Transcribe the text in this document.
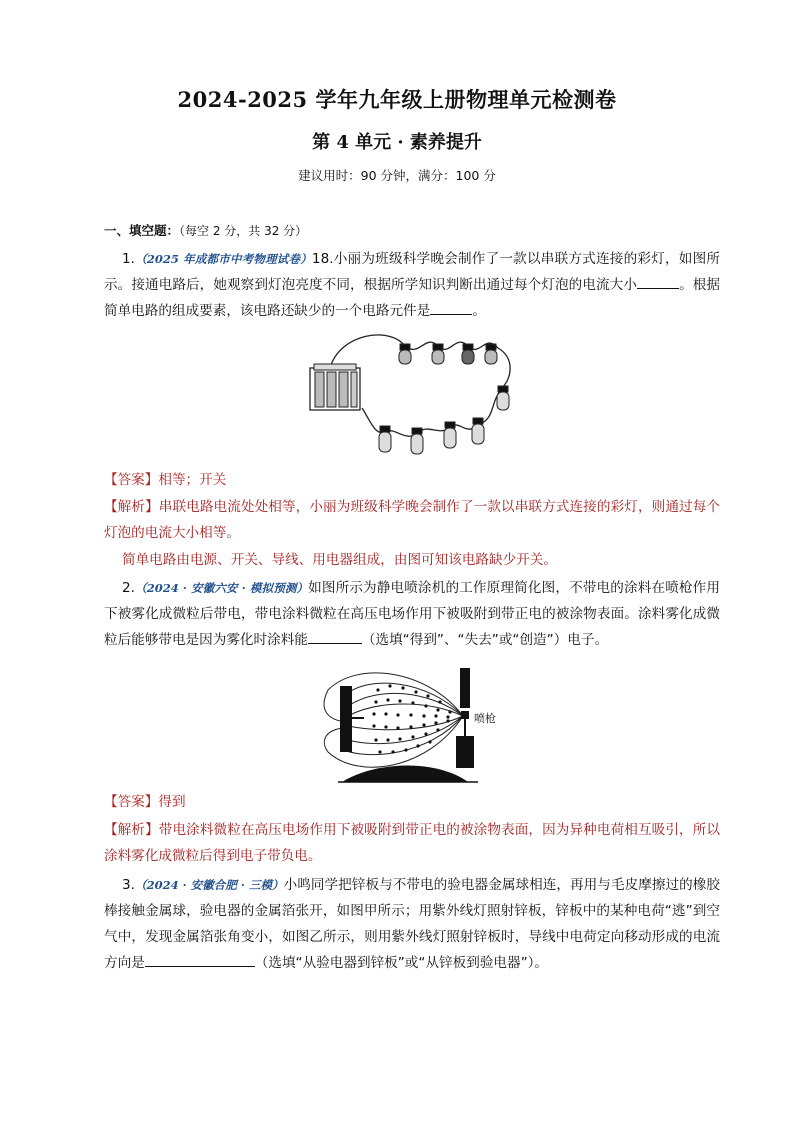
2024-2025 学年九年级上册物理单元检测卷
第 4 单元 · 素养提升
建议用时：90 分钟，满分：100 分
一、填空题：（每空 2 分，共 32 分）
1.（2025 年成都市中考物理试卷）18.小丽为班级科学晚会制作了一款以串联方式连接的彩灯，如图所示。接通电路后，她观察到灯泡亮度不同，根据所学知识判断出通过每个灯泡的电流大小	。根据简单电路的组成要素，该电路还缺少的一个电路元件是	。
【答案】相等；开关
【解析】串联电路电流处处相等，小丽为班级科学晚会制作了一款以串联方式连接的彩灯，则通过每个灯泡的电流大小相等。
简单电路由电源、开关、导线、用电器组成，由图可知该电路缺少开关。
2.（2024 · 安徽六安 · 模拟预测）如图所示为静电喷涂机的工作原理简化图，不带电的涂料在喷枪作用下被雾化成微粒后带电，带电涂料微粒在高压电场作用下被吸附到带正电的被涂物表面。涂料雾化成微粒后能够带电是因为雾化时涂料能	（选填“得到”、“失去”或“创造”）电子。
喷枪
【答案】得到
【解析】带电涂料微粒在高压电场作用下被吸附到带正电的被涂物表面，因为异种电荷相互吸引，所以涂料雾化成微粒后得到电子带负电。
3.（2024 · 安徽合肥 · 三模）小鸣同学把锌板与不带电的验电器金属球相连，再用与毛皮摩擦过的橡胶棒接触金属球，验电器的金属箔张开，如图甲所示；用紫外线灯照射锌板，锌板中的某种电荷“逃”到空气中，发现金属箔张角变小，如图乙所示，则用紫外线灯照射锌板时，导线中电荷定向移动形成的电流方向是	（选填“从验电器到锌板”或“从锌板到验电器”）。
